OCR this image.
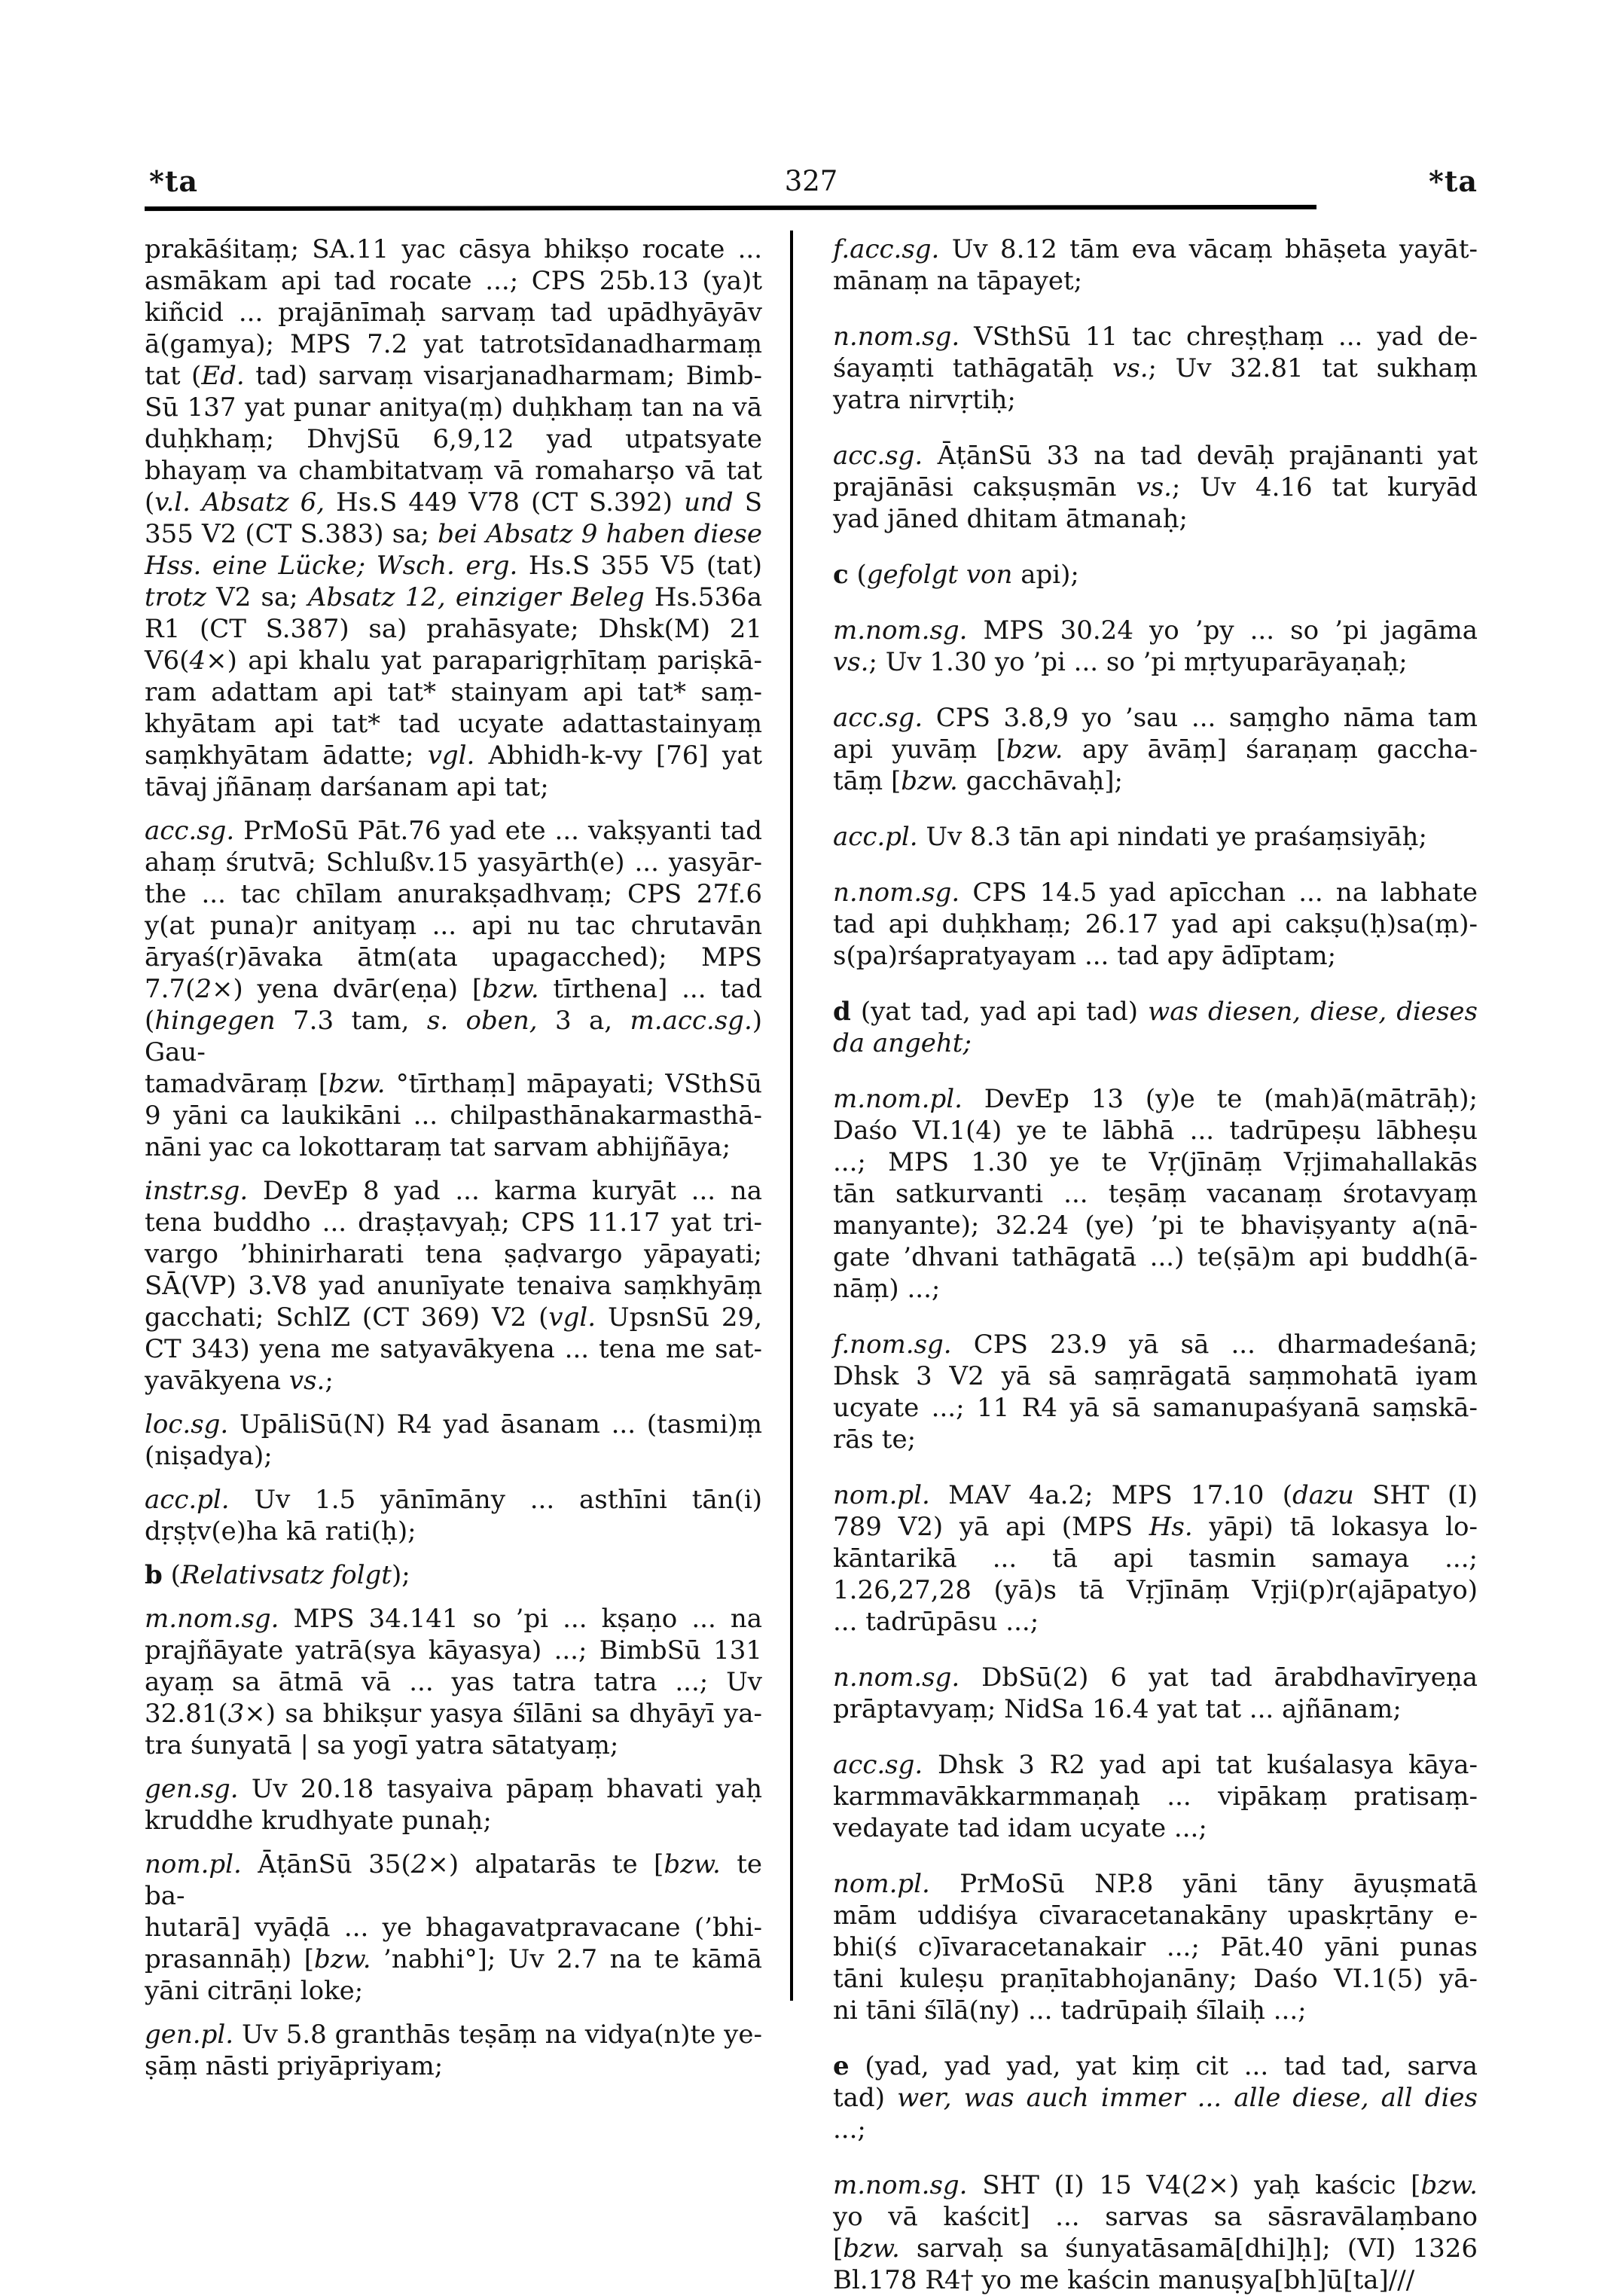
*ta	327	*ta
prakāśitaṃ; SA.11 yac cāsya bhikṣo rocate ...
asmākam api tad rocate ...; CPS 25b.13 (ya)t
kiñcid ... prajānīmaḥ sarvaṃ tad upādhyāyāv
ā(gamya); MPS 7.2 yat tatrotsīdanadharmaṃ
tat (Ed. tad) sarvaṃ visarjanadharmam; Bimb-
Sū 137 yat punar anitya(ṃ) duḥkhaṃ tan na vā
duḥkhaṃ; DhvjSū 6,9,12 yad utpatsyate
bhayaṃ va chambitatvaṃ vā romaharṣo vā tat
(v.l. Absatz 6, Hs.S 449 V78 (CT S.392) und S
355 V2 (CT S.383) sa; bei Absatz 9 haben diese
Hss. eine Lücke; Wsch. erg. Hs.S 355 V5 (tat)
trotz V2 sa; Absatz 12, einziger Beleg Hs.536a
R1 (CT S.387) sa) prahāsyate; Dhsk(M) 21
V6(4×) api khalu yat paraparigṛhītaṃ pariṣkā-
ram adattam api tat* stainyam api tat* saṃ-
khyātam api tat* tad ucyate adattastainyaṃ
saṃkhyātam ādatte; vgl. Abhidh-k-vy [76] yat
tāvaj jñānaṃ darśanam api tat;
acc.sg. PrMoSū Pāt.76 yad ete ... vakṣyanti tad
ahaṃ śrutvā; Schlußv.15 yasyārth(e) ... yasyār-
the ... tac chīlam anurakṣadhvaṃ; CPS 27f.6
y(at puna)r anityaṃ ... api nu tac chrutavān
āryaś(r)āvaka ātm(ata upagacched); MPS
7.7(2×) yena dvār(eṇa) [bzw. tīrthena] ... tad
(hingegen 7.3 tam, s. oben, 3 a, m.acc.sg.) Gau-
tamadvāraṃ [bzw. °tīrthaṃ] māpayati; VSthSū
9 yāni ca laukikāni ... chilpasthānakarmasthā-
nāni yac ca lokottaraṃ tat sarvam abhijñāya;
instr.sg. DevEp 8 yad ... karma kuryāt ... na
tena buddho ... draṣṭavyaḥ; CPS 11.17 yat tri-
vargo ’bhinirharati tena ṣaḍvargo yāpayati;
SĀ(VP) 3.V8 yad anunīyate tenaiva saṃkhyāṃ
gacchati; SchlZ (CT 369) V2 (vgl. UpsnSū 29,
CT 343) yena me satyavākyena ... tena me sat-
yavākyena vs.;
loc.sg. UpāliSū(N) R4 yad āsanam ... (tasmi)ṃ
(niṣadya);
acc.pl. Uv 1.5 yānīmāny ... asthīni tān(i)
dṛṣṭv(e)ha kā rati(ḥ);
b (Relativsatz folgt);
m.nom.sg. MPS 34.141 so ’pi ... kṣaṇo ... na
prajñāyate yatrā(sya kāyasya) ...; BimbSū 131
ayaṃ sa ātmā vā ... yas tatra tatra ...; Uv
32.81(3×) sa bhikṣur yasya śīlāni sa dhyāyī ya-
tra śunyatā | sa yogī yatra sātatyaṃ;
gen.sg. Uv 20.18 tasyaiva pāpaṃ bhavati yaḥ
kruddhe krudhyate punaḥ;
nom.pl. ĀṭānSū 35(2×) alpatarās te [bzw. te ba-
hutarā] vyāḍā ... ye bhagavatpravacane (’bhi-
prasannāḥ) [bzw. ’nabhi°]; Uv 2.7 na te kāmā
yāni citrāṇi loke;
gen.pl. Uv 5.8 granthās teṣāṃ na vidya(n)te ye-
ṣāṃ nāsti priyāpriyam;
f.acc.sg. Uv 8.12 tām eva vācaṃ bhāṣeta yayāt-
mānaṃ na tāpayet;
n.nom.sg. VSthSū 11 tac chreṣṭhaṃ ... yad de-
śayaṃti tathāgatāḥ vs.; Uv 32.81 tat sukhaṃ
yatra nirvṛtiḥ;
acc.sg. ĀṭānSū 33 na tad devāḥ prajānanti yat
prajānāsi cakṣuṣmān vs.; Uv 4.16 tat kuryād
yad jāned dhitam ātmanaḥ;
c (gefolgt von api);
m.nom.sg. MPS 30.24 yo ’py ... so ’pi jagāma
vs.; Uv 1.30 yo ’pi ... so ’pi mṛtyuparāyaṇaḥ;
acc.sg. CPS 3.8,9 yo ’sau ... saṃgho nāma tam
api yuvāṃ [bzw. apy āvāṃ] śaraṇaṃ gaccha-
tāṃ [bzw. gacchāvaḥ];
acc.pl. Uv 8.3 tān api nindati ye praśaṃsiyāḥ;
n.nom.sg. CPS 14.5 yad apīcchan ... na labhate
tad api duḥkhaṃ; 26.17 yad api cakṣu(ḥ)sa(ṃ)-
s(pa)rśapratyayam ... tad apy ādīptam;
d (yat tad, yad api tad) was diesen, diese, dieses
da angeht;
m.nom.pl. DevEp 13 (y)e te (mah)ā(mātrāḥ);
Daśo VI.1(4) ye te lābhā ... tadrūpeṣu lābheṣu
...; MPS 1.30 ye te Vṛ(jīnāṃ Vṛjimahallakās
tān satkurvanti ... teṣāṃ vacanaṃ śrotavyaṃ
manyante); 32.24 (ye) ’pi te bhaviṣyanty a(nā-
gate ’dhvani tathāgatā ...) te(ṣā)m api buddh(ā-
nāṃ) ...;
f.nom.sg. CPS 23.9 yā sā ... dharmadeśanā;
Dhsk 3 V2 yā sā saṃrāgatā saṃmohatā iyam
ucyate ...; 11 R4 yā sā samanupaśyanā saṃskā-
rās te;
nom.pl. MAV 4a.2; MPS 17.10 (dazu SHT (I)
789 V2) yā api (MPS Hs. yāpi) tā lokasya lo-
kāntarikā ... tā api tasmin samaya ...;
1.26,27,28 (yā)s tā Vṛjīnāṃ Vṛji(p)r(ajāpatyo)
... tadrūpāsu ...;
n.nom.sg. DbSū(2) 6 yat tad ārabdhavīryeṇa
prāptavyaṃ; NidSa 16.4 yat tat ... ajñānam;
acc.sg. Dhsk 3 R2 yad api tat kuśalasya kāya-
karmmavākkarmmaṇaḥ ... vipākaṃ pratisaṃ-
vedayate tad idam ucyate ...;
nom.pl. PrMoSū NP.8 yāni tāny āyuṣmatā
mām uddiśya cīvaracetanakāny upaskṛtāny e-
bhi(ś c)īvaracetanakair ...; Pāt.40 yāni punas
tāni kuleṣu praṇītabhojanāny; Daśo VI.1(5) yā-
ni tāni śīlā(ny) ... tadrūpaiḥ śīlaiḥ ...;
e (yad, yad yad, yat kiṃ cit ... tad tad, sarva
tad) wer, was auch immer ... alle diese, all dies
...;
m.nom.sg. SHT (I) 15 V4(2×) yaḥ kaścic [bzw.
yo vā kaścit] ... sarvas sa sāsravālaṃbano
[bzw. sarvaḥ sa śunyatāsamā[dhi]ḥ]; (VI) 1326
Bl.178 R4† yo me kaścin manuṣya[bh]ū[ta]///
